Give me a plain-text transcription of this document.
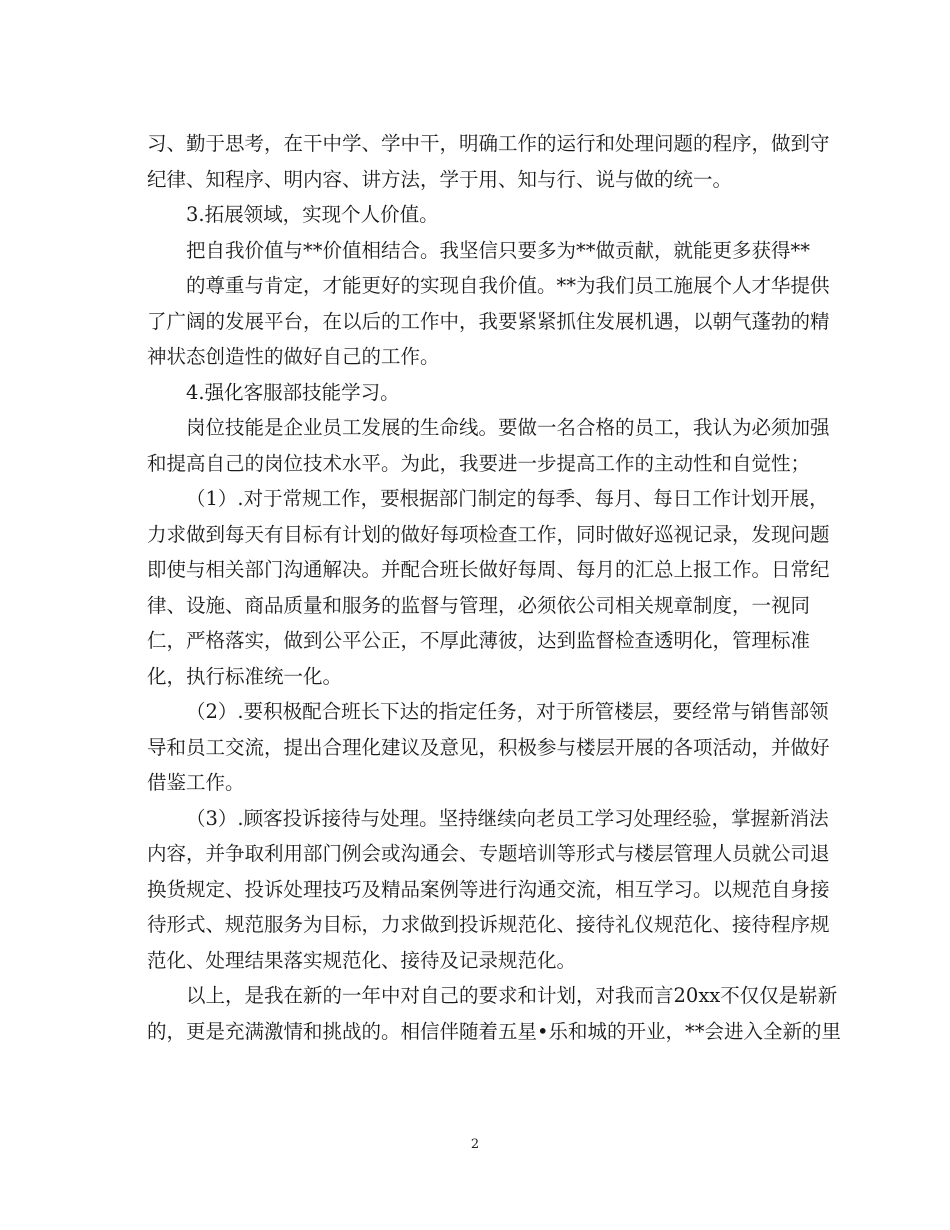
习、勤于思考，在干中学、学中干，明确工作的运行和处理问题的程序，做到守
纪律、知程序、明内容、讲方法，学于用、知与行、说与做的统一。
3.拓展领域，实现个人价值。
把自我价值与**价值相结合。我坚信只要多为**做贡献，就能更多获得**
的尊重与肯定，才能更好的实现自我价值。**为我们员工施展个人才华提供
了广阔的发展平台，在以后的工作中，我要紧紧抓住发展机遇，以朝气蓬勃的精
神状态创造性的做好自己的工作。
4.强化客服部技能学习。
岗位技能是企业员工发展的生命线。要做一名合格的员工，我认为必须加强
和提高自己的岗位技术水平。为此，我要进一步提高工作的主动性和自觉性；
（1）.对于常规工作，要根据部门制定的每季、每月、每日工作计划开展，
力求做到每天有目标有计划的做好每项检查工作，同时做好巡视记录，发现问题
即使与相关部门沟通解决。并配合班长做好每周、每月的汇总上报工作。日常纪
律、设施、商品质量和服务的监督与管理，必须依公司相关规章制度，一视同
仁，严格落实，做到公平公正，不厚此薄彼，达到监督检查透明化，管理标准
化，执行标准统一化。
（2）.要积极配合班长下达的指定任务，对于所管楼层，要经常与销售部领
导和员工交流，提出合理化建议及意见，积极参与楼层开展的各项活动，并做好
借鉴工作。
（3）.顾客投诉接待与处理。坚持继续向老员工学习处理经验，掌握新消法
内容，并争取利用部门例会或沟通会、专题培训等形式与楼层管理人员就公司退
换货规定、投诉处理技巧及精品案例等进行沟通交流，相互学习。以规范自身接
待形式、规范服务为目标，力求做到投诉规范化、接待礼仪规范化、接待程序规
范化、处理结果落实规范化、接待及记录规范化。
以上，是我在新的一年中对自己的要求和计划，对我而言20xx不仅仅是崭新
的，更是充满激情和挑战的。相信伴随着五星•乐和城的开业，**会进入全新的里
2
